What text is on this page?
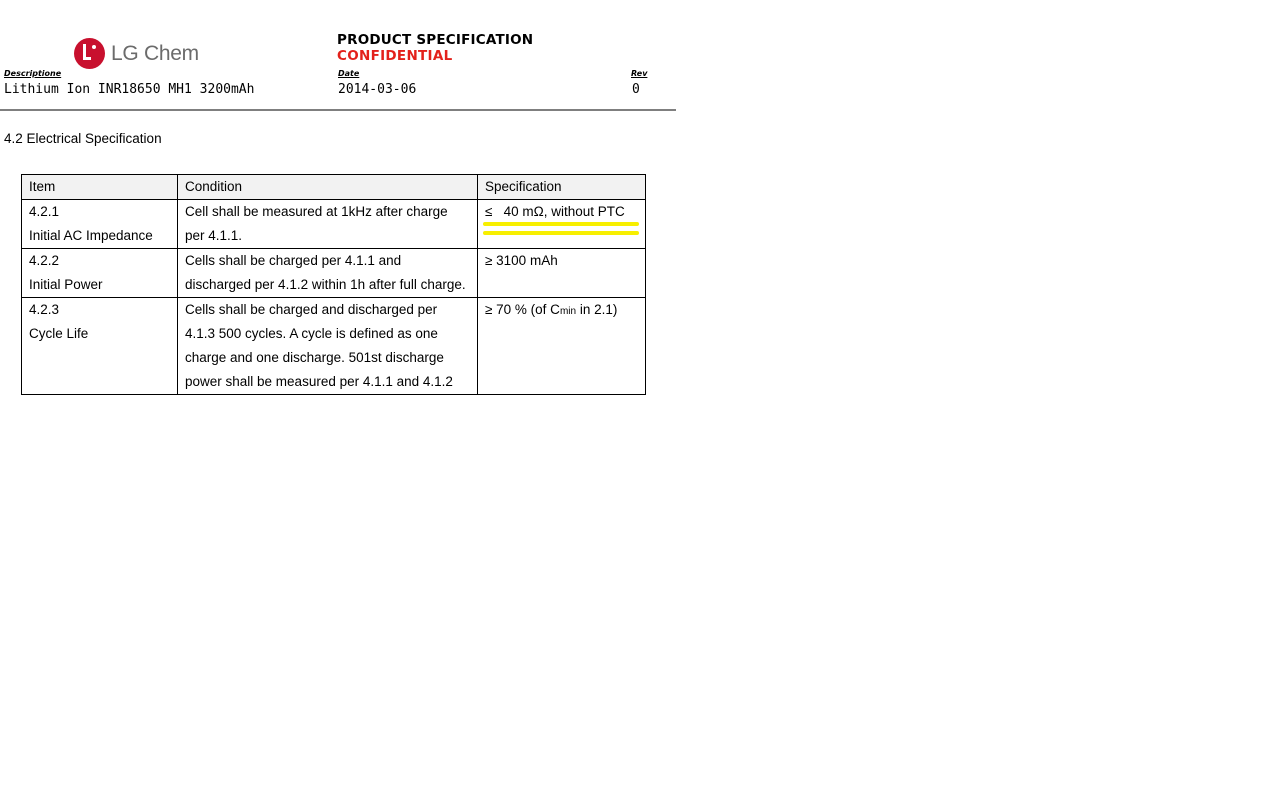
LG Chem
PRODUCT SPECIFICATION
CONFIDENTIAL
Descriptione
Lithium Ion INR18650 MH1 3200mAh
Date
2014-03-06
Rev
0
4.2 Electrical Specification
Item	Condition	Specification

4.2.1
Initial AC Impedance	Cell shall be measured at 1kHz after charge per 4.1.1.	≤   40 mΩ, without PTC

4.2.2
Initial Power	Cells shall be charged per 4.1.1 and discharged per 4.1.2 within 1h after full charge.	≥ 3100 mAh

4.2.3
Cycle Life	Cells shall be charged and discharged per 4.1.3 500 cycles. A cycle is defined as one charge and one discharge. 501st discharge power shall be measured per 4.1.1 and 4.1.2	≥ 70 % (of Cmin in 2.1)
